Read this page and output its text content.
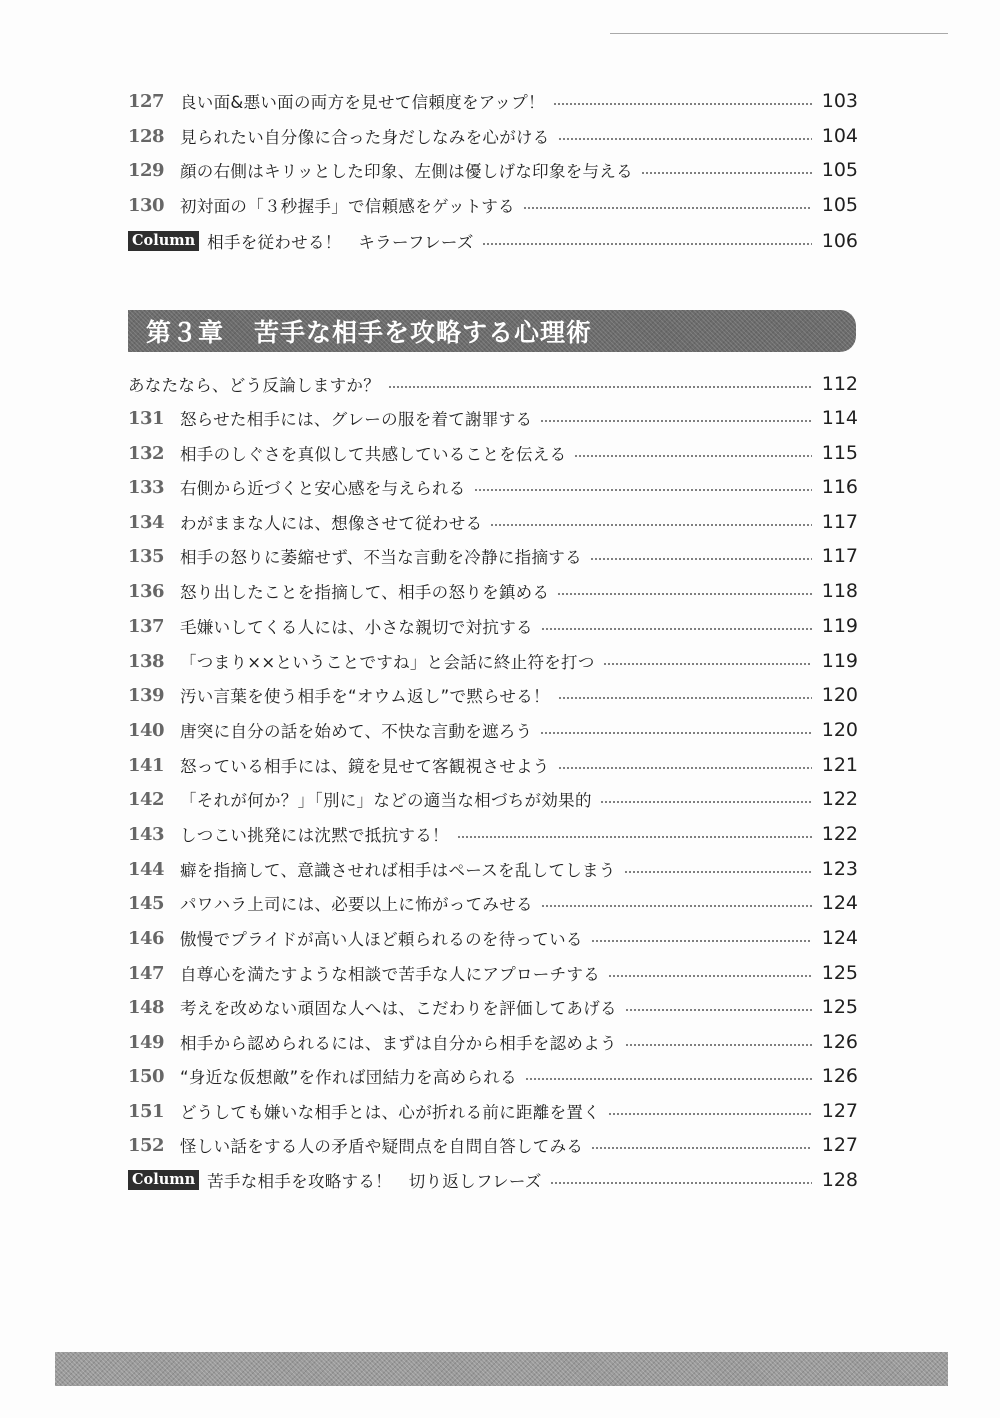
127 良い面&悪い面の両方を見せて信頼度をアップ！	103
128 見られたい自分像に合った身だしなみを心がける	104
129 顔の右側はキリッとした印象、左側は優しげな印象を与える	105
130 初対面の「３秒握手」で信頼感をゲットする	105
Column 相手を従わせる！　キラーフレーズ	106
第３章 苦手な相手を攻略する心理術
あなたなら、どう反論しますか？	112
131 怒らせた相手には、グレーの服を着て謝罪する	114
132 相手のしぐさを真似して共感していることを伝える	115
133 右側から近づくと安心感を与えられる	116
134 わがままな人には、想像させて従わせる	117
135 相手の怒りに萎縮せず、不当な言動を冷静に指摘する	117
136 怒り出したことを指摘して、相手の怒りを鎮める	118
137 毛嫌いしてくる人には、小さな親切で対抗する	119
138 「つまり××ということですね」と会話に終止符を打つ	119
139 汚い言葉を使う相手を“オウム返し”で黙らせる！	120
140 唐突に自分の話を始めて、不快な言動を遮ろう	120
141 怒っている相手には、鏡を見せて客観視させよう	121
142 「それが何か？」「別に」などの適当な相づちが効果的	122
143 しつこい挑発には沈黙で抵抗する！	122
144 癖を指摘して、意識させれば相手はペースを乱してしまう	123
145 パワハラ上司には、必要以上に怖がってみせる	124
146 傲慢でプライドが高い人ほど頼られるのを待っている	124
147 自尊心を満たすような相談で苦手な人にアプローチする	125
148 考えを改めない頑固な人へは、こだわりを評価してあげる	125
149 相手から認められるには、まずは自分から相手を認めよう	126
150 “身近な仮想敵”を作れば団結力を高められる	126
151 どうしても嫌いな相手とは、心が折れる前に距離を置く	127
152 怪しい話をする人の矛盾や疑問点を自問自答してみる	127
Column 苦手な相手を攻略する！　切り返しフレーズ	128
